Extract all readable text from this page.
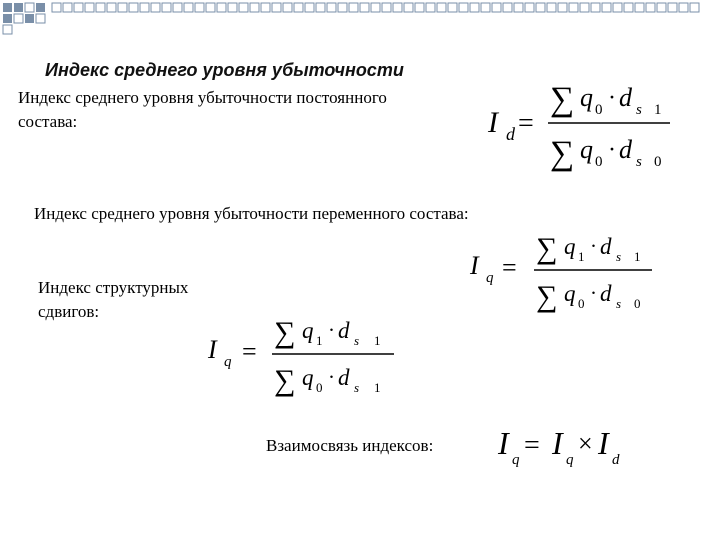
Индекс среднего уровня убыточности
Индекс среднего уровня убыточности постоянного
состава:	I d =
∑ q 0 · d s 1
∑ q 0 · d s 0
Индекс среднего уровня убыточности переменного состава:
I q =
∑ q 1 · d s 1
∑ q 0 · d s 0
Индекс структурных
сдвигов:
I q =
∑ q 1 · d s 1
∑ q 0 · d s 1
Взаимосвязь индексов: I q = I q
× I d
